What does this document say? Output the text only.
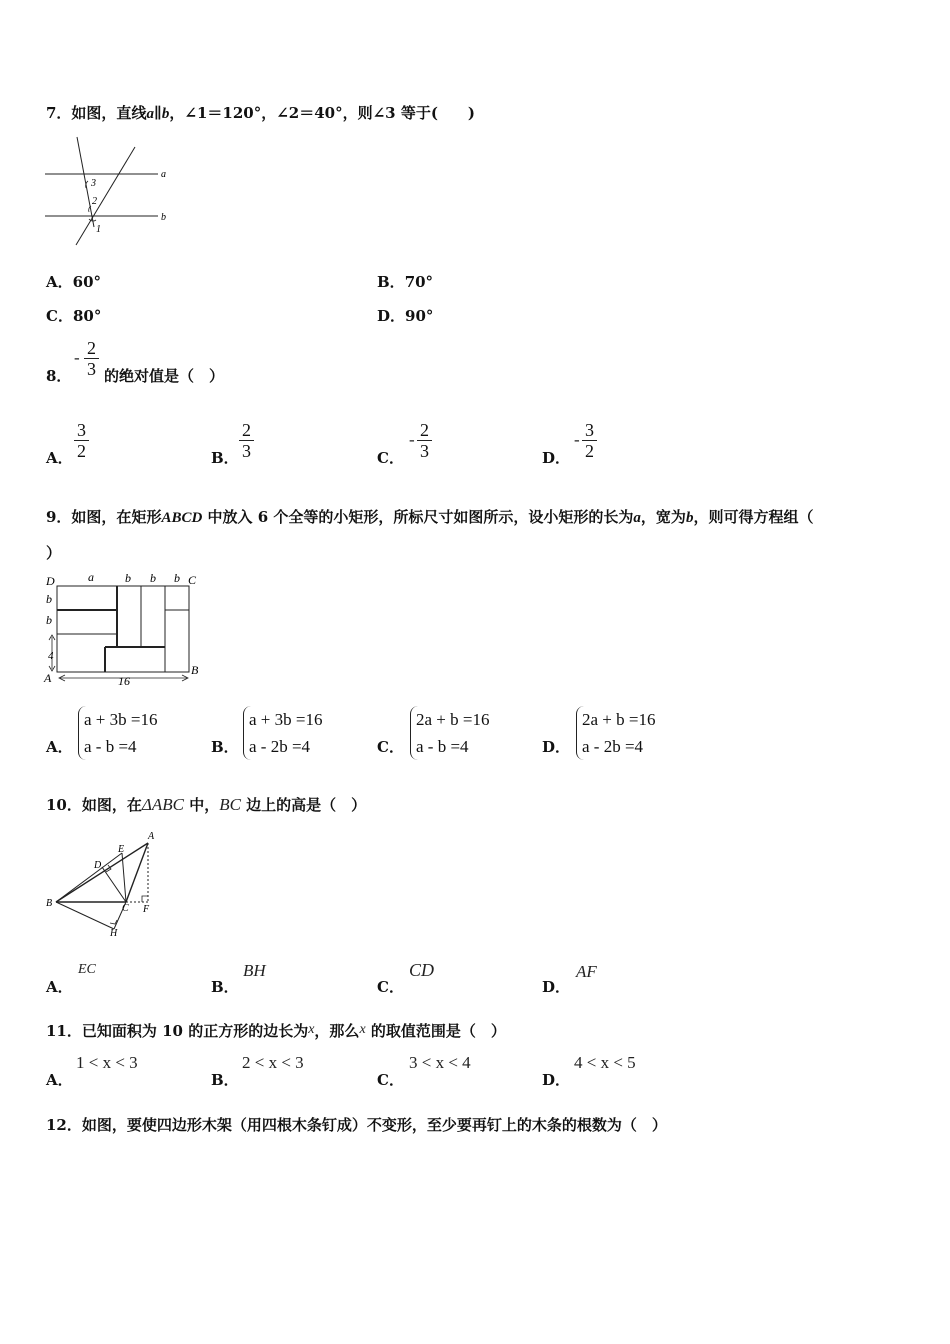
7．如图，直线a∥b，∠1＝120°，∠2＝40°，则∠3 等于(　　)
a
b
3
2
1
A．60°	B．70°
C．80°	D．90°
8．
- $\frac{2}{3}$ 的绝对值是（　）
A． $\frac{3}{2}$	B． $\frac{2}{3}$	C．
- $\frac{2}{3}$	D．
- $\frac{3}{2}$
9．如图，在矩形ABCD 中放入 6 个全等的小矩形，所标尺寸如图所示，设小矩形的长为a，宽为b，则可得方程组（
）
D	C
A
B
a	b b b
b
b
4
16
A．
a + 3b =16
a - b =4	B．
a + 3b =16
a - 2b =4	C．
2a + b =16
a - b =4	D．
2a + b =16
a - 2b =4
10．如图，在ΔABC 中，BC 边上的高是（　）
A
B	C
D
E
F
H
A．
EC
B．
BH
C．
CD
D．
AF
11．已知面积为 10 的正方形的边长为x，那么x 的取值范围是（　）
A．
1 < x < 3
B．
2 < x < 3
C．
3 < x < 4
D．
4 < x < 5
12．如图，要使四边形木架（用四根木条钉成）不变形，至少要再钉上的木条的根数为（　）
